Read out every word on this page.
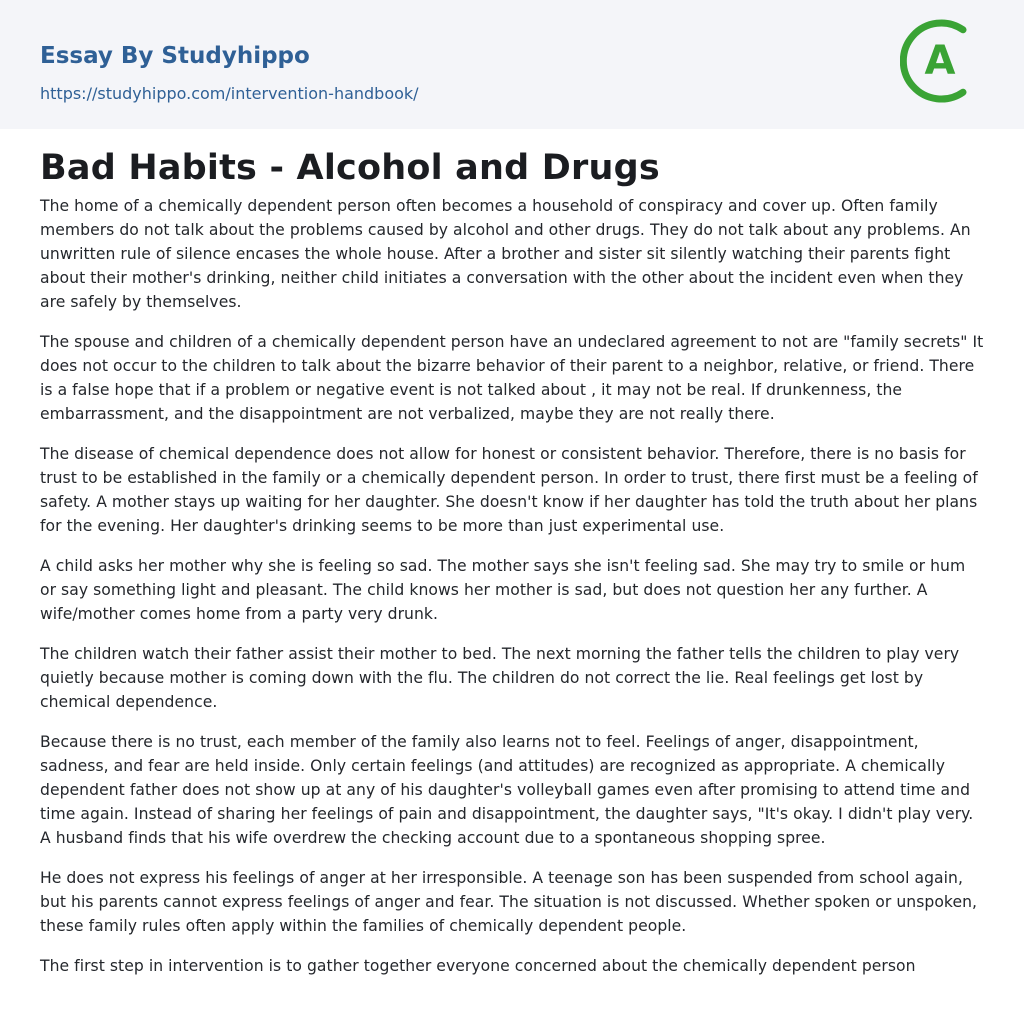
Essay By Studyhippo
https://studyhippo.com/intervention-handbook/
A
Bad Habits - Alcohol and Drugs

The home of a chemically dependent person often becomes a household of conspiracy and cover up. Often family members do not talk about the problems caused by alcohol and other drugs. They do not talk about any problems. An unwritten rule of silence encases the whole house. After a brother and sister sit silently watching their parents fight about their mother's drinking, neither child initiates a conversation with the other about the incident even when they are safely by themselves.

The spouse and children of a chemically dependent person have an undeclared agreement to not are "family secrets" It does not occur to the children to talk about the bizarre behavior of their parent to a neighbor, relative, or friend. There is a false hope that if a problem or negative event is not talked about , it may not be real. If drunkenness, the embarrassment, and the disappointment are not verbalized, maybe they are not really there.

The disease of chemical dependence does not allow for honest or consistent behavior. Therefore, there is no basis for trust to be established in the family or a chemically dependent person. In order to trust, there first must be a feeling of safety. A mother stays up waiting for her daughter. She doesn't know if her daughter has told the truth about her plans for the evening. Her daughter's drinking seems to be more than just experimental use.

A child asks her mother why she is feeling so sad. The mother says she isn't feeling sad. She may try to smile or hum or say something light and pleasant. The child knows her mother is sad, but does not question her any further. A wife/mother comes home from a party very drunk.

The children watch their father assist their mother to bed. The next morning the father tells the children to play very quietly because mother is coming down with the flu. The children do not correct the lie. Real feelings get lost by chemical dependence.

Because there is no trust, each member of the family also learns not to feel. Feelings of anger, disappointment, sadness, and fear are held inside. Only certain feelings (and attitudes) are recognized as appropriate. A chemically dependent father does not show up at any of his daughter's volleyball games even after promising to attend time and time again. Instead of sharing her feelings of pain and disappointment, the daughter says, "It's okay. I didn't play very. A husband finds that his wife overdrew the checking account due to a spontaneous shopping spree.

He does not express his feelings of anger at her irresponsible. A teenage son has been suspended from school again, but his parents cannot express feelings of anger and fear. The situation is not discussed. Whether spoken or unspoken, these family rules often apply within the families of chemically dependent people.

The first step in intervention is to gather together everyone concerned about the chemically dependent person
